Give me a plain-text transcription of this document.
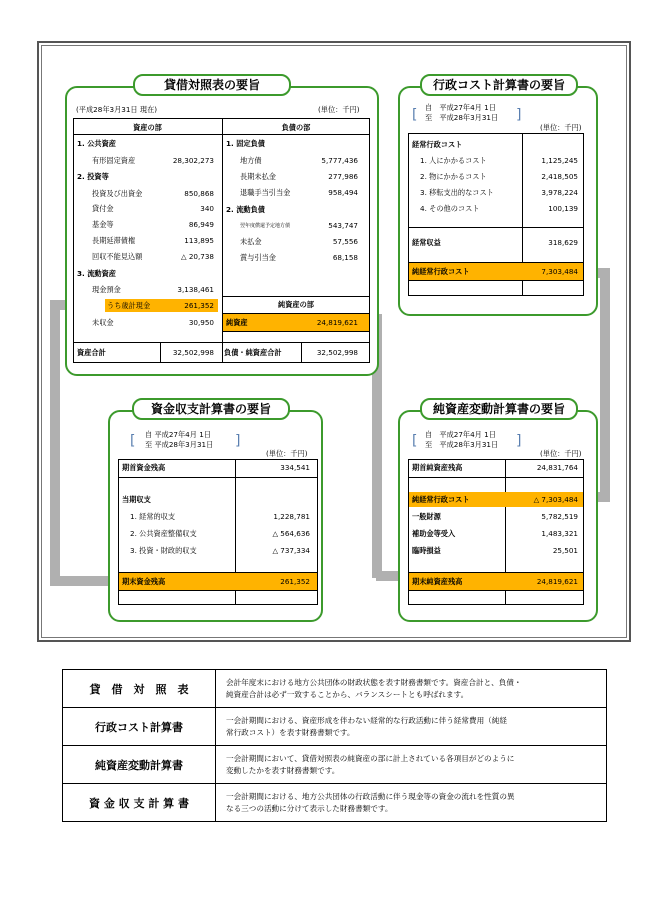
貸借対照表の要旨
(平成28年3月31日 現在)	(単位：千円)
資産の部	負債の部
1. 公共資産
有形固定資産	28,302,273
2. 投資等
投資及び出資金	850,868
貸付金	340
基金等	86,949
長期延滞債権	113,895
回収不能見込額	△ 20,738
3. 流動資産
現金預金	3,138,461
うち歳計現金	261,352
未収金	30,950
1. 固定負債
地方債	5,777,436
長期未払金	277,986
退職手当引当金	958,494
2. 流動負債
翌年度償還予定地方債	543,747
未払金	57,556
賞与引当金	68,158
純資産の部
純資産	24,819,621
資産合計	32,502,998 負債・純資産合計	32,502,998
行政コスト計算書の要旨
[ 自　平成27年4月 1日
至　平成28年3月31日 ]
(単位：千円)
経常行政コスト
1. 人にかかるコスト	1,125,245
2. 物にかかるコスト	2,418,505
3. 移転支出的なコスト	3,978,224
4. その他のコスト	100,139
経常収益	318,629
純経常行政コスト	7,303,484
資金収支計算書の要旨
[ 自 平成27年4月 1日
至 平成28年3月31日 ]
(単位：千円)
期首資金残高	334,541
当期収支
1. 経常的収支	1,228,781
2. 公共資産整備収支	△ 564,636
3. 投資・財政的収支	△ 737,334
期末資金残高	261,352
純資産変動計算書の要旨
[ 自　平成27年4月 1日
至　平成28年3月31日 ]
(単位：千円)
期首純資産残高	24,831,764
純経常行政コスト	△ 7,303,484
一般財源	5,782,519
補助金等受入	1,483,321
臨時損益	25,501
期末純資産残高	24,819,621
貸　借　対　照　表	会計年度末における地方公共団体の財政状態を表す財務書類です。資産合計と、負債・
純資産合計は必ず一致することから、バランスシートとも呼ばれます。

行政コスト計算書	一会計期間における、資産形成を伴わない経常的な行政活動に伴う経常費用（純経
常行政コスト）を表す財務書類です。

純資産変動計算書	一会計期間において、貸借対照表の純資産の部に計上されている各項目がどのように
変動したかを表す財務書類です。

資 金 収 支 計 算 書	一会計期間における、地方公共団体の行政活動に伴う現金等の資金の流れを性質の異
なる三つの活動に分けて表示した財務書類です。
